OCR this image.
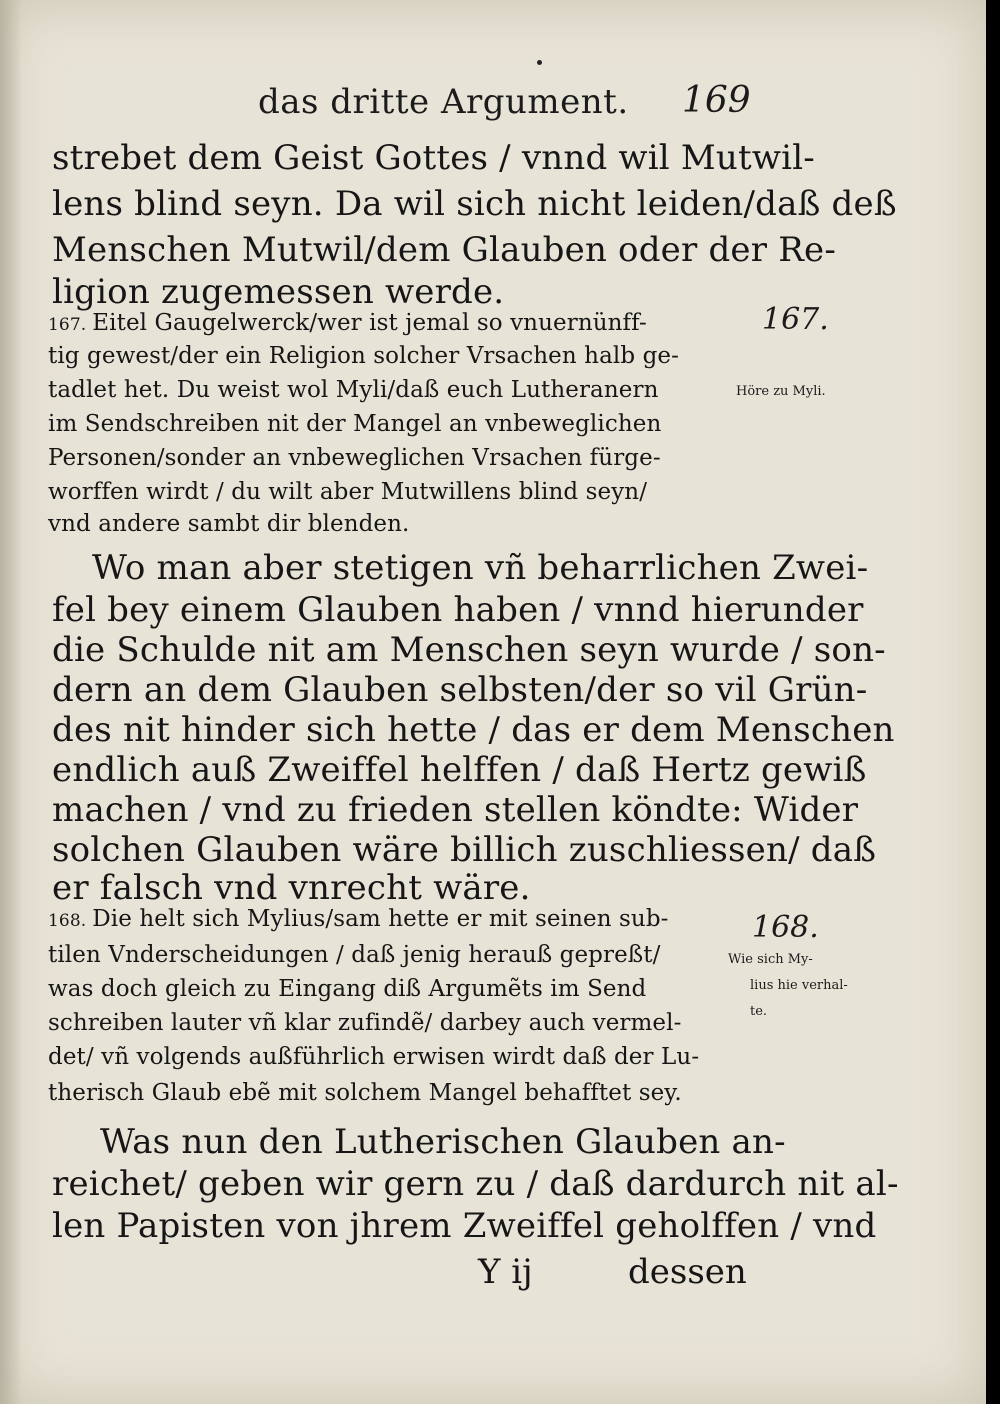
das dritte Argument. 169
strebet dem Geist Gottes / vnnd wil Mutwil-
lens blind seyn. Da wil sich nicht leiden/daß deß
Menschen Mutwil/dem Glauben oder der Re-
ligion zugemessen werde.
167. Eitel Gaugelwerck/wer ist jemal so vnuernünff-
tig gewest/der ein Religion solcher Vrsachen halb ge-
tadlet het. Du weist wol Myli/daß euch Lutheranern
im Sendschreiben nit der Mangel an vnbeweglichen
Personen/sonder an vnbeweglichen Vrsachen fürge-
worffen wirdt / du wilt aber Mutwillens blind seyn/
vnd andere sambt dir blenden.
Wo man aber stetigen vñ beharrlichen Zwei-
fel bey einem Glauben haben / vnnd hierunder
die Schulde nit am Menschen seyn wurde / son-
dern an dem Glauben selbsten/der so vil Grün-
des nit hinder sich hette / das er dem Menschen
endlich auß Zweiffel helffen / daß Hertz gewiß
machen / vnd zu frieden stellen köndte: Wider
solchen Glauben wäre billich zuschliessen/ daß
er falsch vnd vnrecht wäre.
168. Die helt sich Mylius/sam hette er mit seinen sub-
tilen Vnderscheidungen / daß jenig herauß gepreßt/
was doch gleich zu Eingang diß Argumẽts im Send
schreiben lauter vñ klar zufindẽ/ darbey auch vermel-
det/ vñ volgends außführlich erwisen wirdt daß der Lu-
therisch Glaub ebẽ mit solchem Mangel behafftet sey.
Was nun den Lutherischen Glauben an-
reichet/ geben wir gern zu / daß dardurch nit al-
len Papisten von jhrem Zweiffel geholffen / vnd
Y ij	dessen
167.
Höre zu Myli.
168.
Wie sich My-
lius hie verhal-
te.
